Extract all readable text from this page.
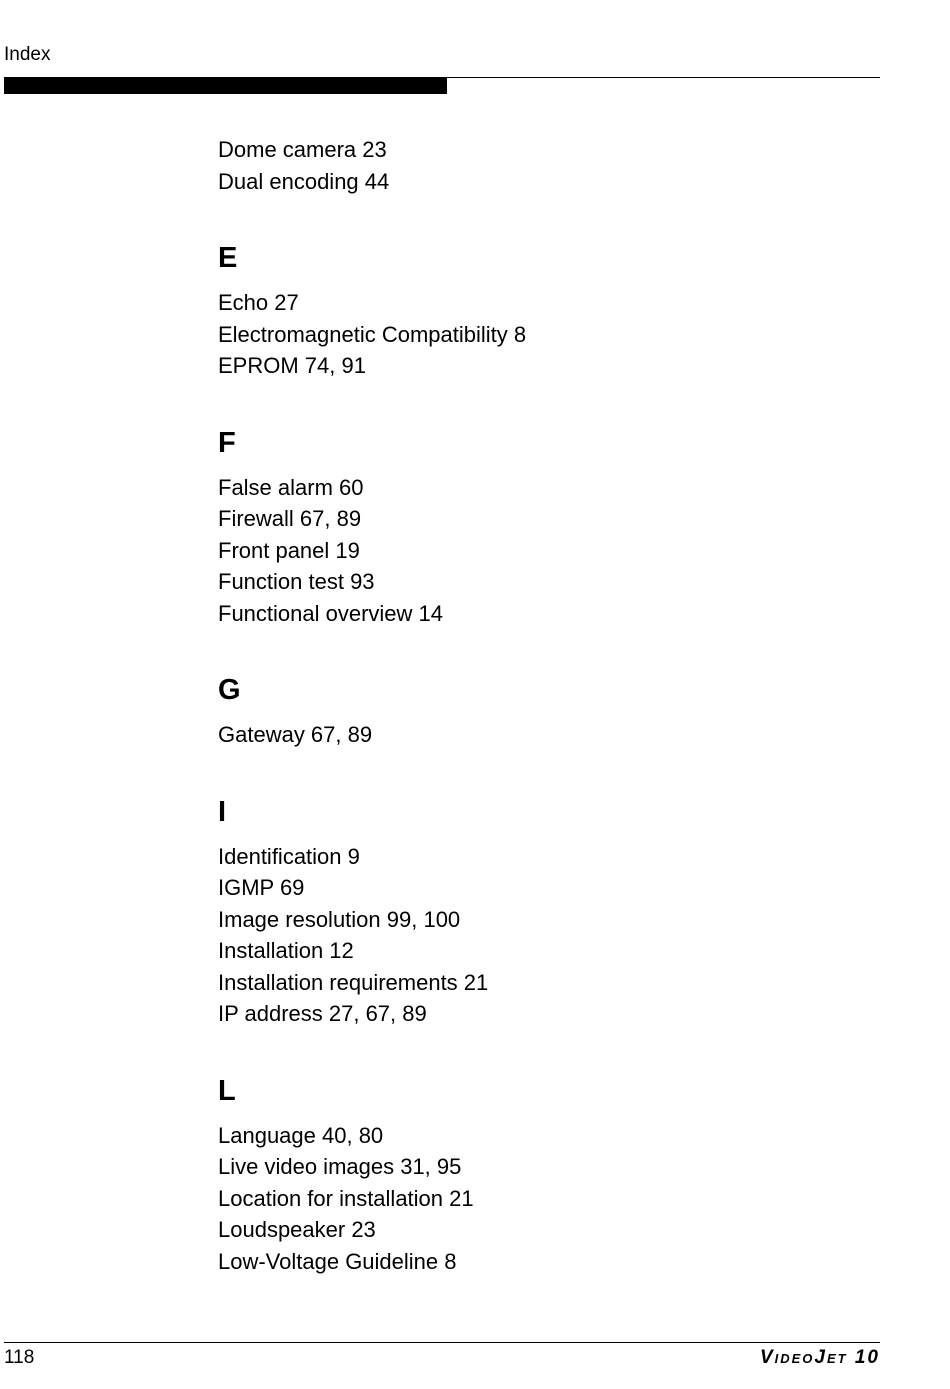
Index
Dome camera 23
Dual encoding 44
E
Echo 27
Electromagnetic Compatibility 8
EPROM 74, 91
F
False alarm 60
Firewall 67, 89
Front panel 19
Function test 93
Functional overview 14
G
Gateway 67, 89
I
Identification 9
IGMP 69
Image resolution 99, 100
Installation 12
Installation requirements 21
IP address 27, 67, 89
L
Language 40, 80
Live video images 31, 95
Location for installation 21
Loudspeaker 23
Low-Voltage Guideline 8
118	VideoJet 10
